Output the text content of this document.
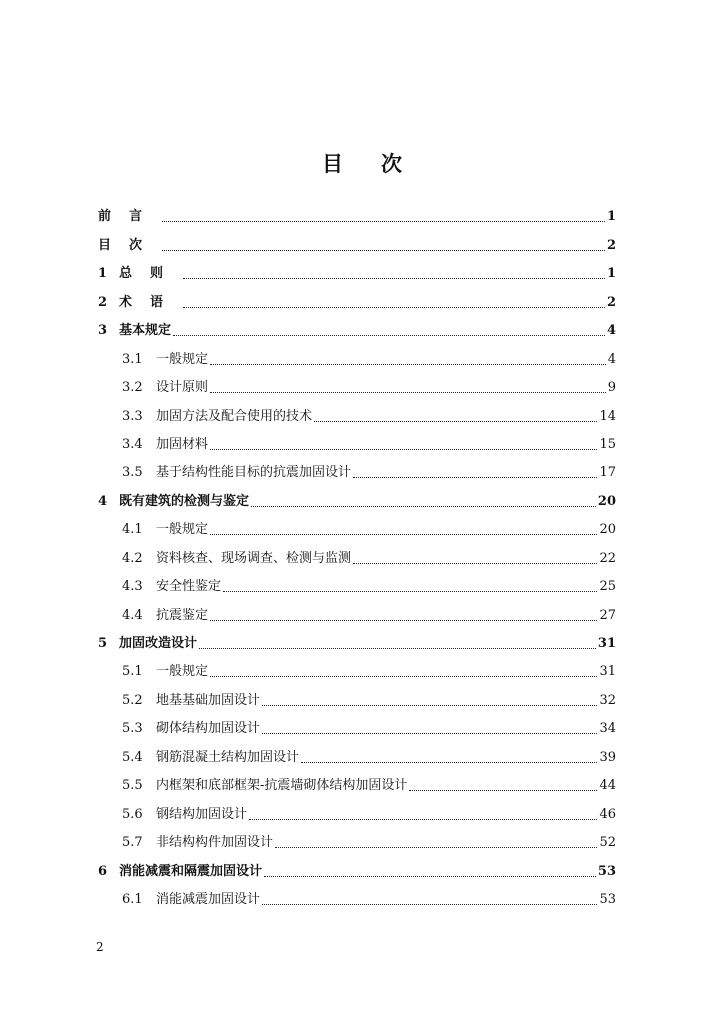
目 次
前言	1
目次	2
1 总则	1
2 术语	2
3 基本规定	4
3.1	一般规定	4
3.2	设计原则	9
3.3	加固方法及配合使用的技术	14
3.4	加固材料	15
3.5	基于结构性能目标的抗震加固设计	17
4 既有建筑的检测与鉴定	20
4.1	一般规定	20
4.2	资料核查、现场调查、检测与监测	22
4.3	安全性鉴定	25
4.4	抗震鉴定	27
5 加固改造设计	31
5.1	一般规定	31
5.2	地基基础加固设计	32
5.3	砌体结构加固设计	34
5.4	钢筋混凝土结构加固设计	39
5.5	内框架和底部框架-抗震墙砌体结构加固设计	44
5.6	钢结构加固设计	46
5.7	非结构构件加固设计	52
6 消能减震和隔震加固设计	53
6.1	消能减震加固设计	53
2
